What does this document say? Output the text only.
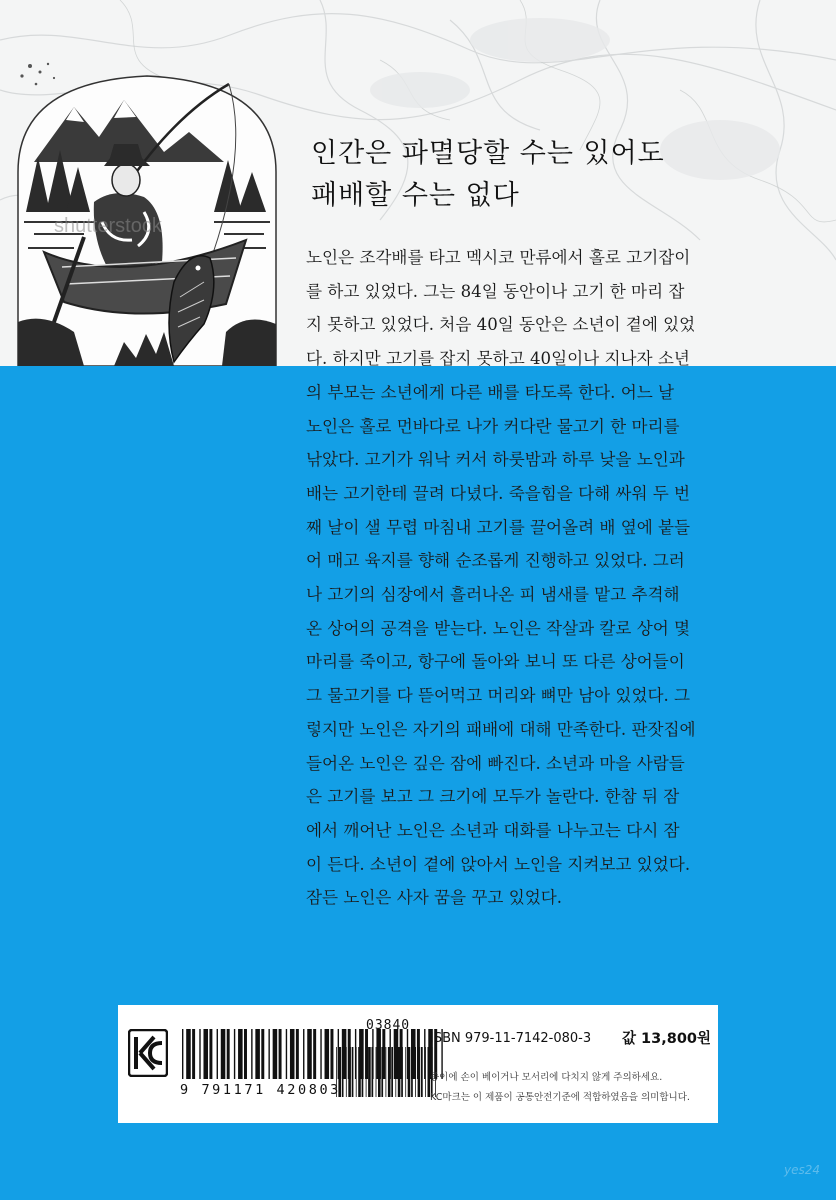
shutterstock
인간은 파멸당할 수는 있어도
패배할 수는 없다
노인은 조각배를 타고 멕시코 만류에서 홀로 고기잡이
를 하고 있었다. 그는 84일 동안이나 고기 한 마리 잡
지 못하고 있었다. 처음 40일 동안은 소년이 곁에 있었
다. 하지만 고기를 잡지 못하고 40일이나 지나자 소년
의 부모는 소년에게 다른 배를 타도록 한다. 어느 날
노인은 홀로 먼바다로 나가 커다란 물고기 한 마리를
낚았다. 고기가 워낙 커서 하룻밤과 하루 낮을 노인과
배는 고기한테 끌려 다녔다. 죽을힘을 다해 싸워 두 번
째 날이 샐 무렵 마침내 고기를 끌어올려 배 옆에 붙들
어 매고 육지를 향해 순조롭게 진행하고 있었다. 그러
나 고기의 심장에서 흘러나온 피 냄새를 맡고 추격해
온 상어의 공격을 받는다. 노인은 작살과 칼로 상어 몇
마리를 죽이고, 항구에 돌아와 보니 또 다른 상어들이
그 물고기를 다 뜯어먹고 머리와 뼈만 남아 있었다. 그
렇지만 노인은 자기의 패배에 대해 만족한다. 판잣집에
들어온 노인은 깊은 잠에 빠진다. 소년과 마을 사람들
은 고기를 보고 그 크기에 모두가 놀란다. 한참 뒤 잠
에서 깨어난 노인은 소년과 대화를 나누고는 다시 잠
이 든다. 소년이 곁에 앉아서 노인을 지켜보고 있었다.
잠든 노인은 사자 꿈을 꾸고 있었다.
03840
9 791171 420803
ISBN 979-11-7142-080-3 값 13,800원
종이에 손이 베이거나 모서리에 다치지 않게 주의하세요.
KC마크는 이 제품이 공통안전기준에 적합하였음을 의미합니다.
yes24
